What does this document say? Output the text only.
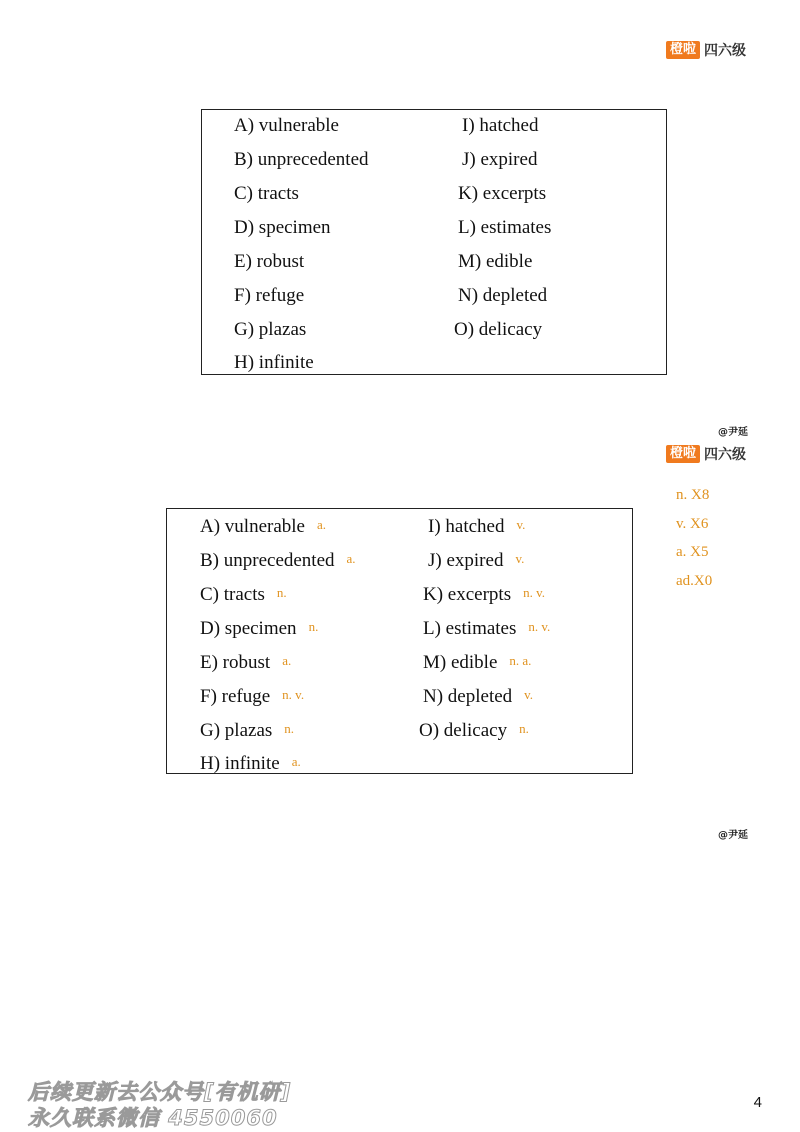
橙啦 四六级
A) vulnerable
B) unprecedented
C) tracts
D) specimen
E) robust
F) refuge
G) plazas
H) infinite
I) hatched
J) expired
K) excerpts
L) estimates
M) edible
N) depleted
O) delicacy
@尹延
橙啦 四六级
n. X8
v. X6
a. X5
ad.X0
A) vulnerable a.
B) unprecedented a.
C) tracts n.
D) specimen n.
E) robust a.
F) refuge n. v.
G) plazas n.
H) infinite a.
I) hatched v.
J) expired v.
K) excerpts n. v.
L) estimates n. v.
M) edible n. a.
N) depleted v.
O) delicacy n.
@尹延
后续更新去公众号[有机研]
永久联系微信 4550060
4
